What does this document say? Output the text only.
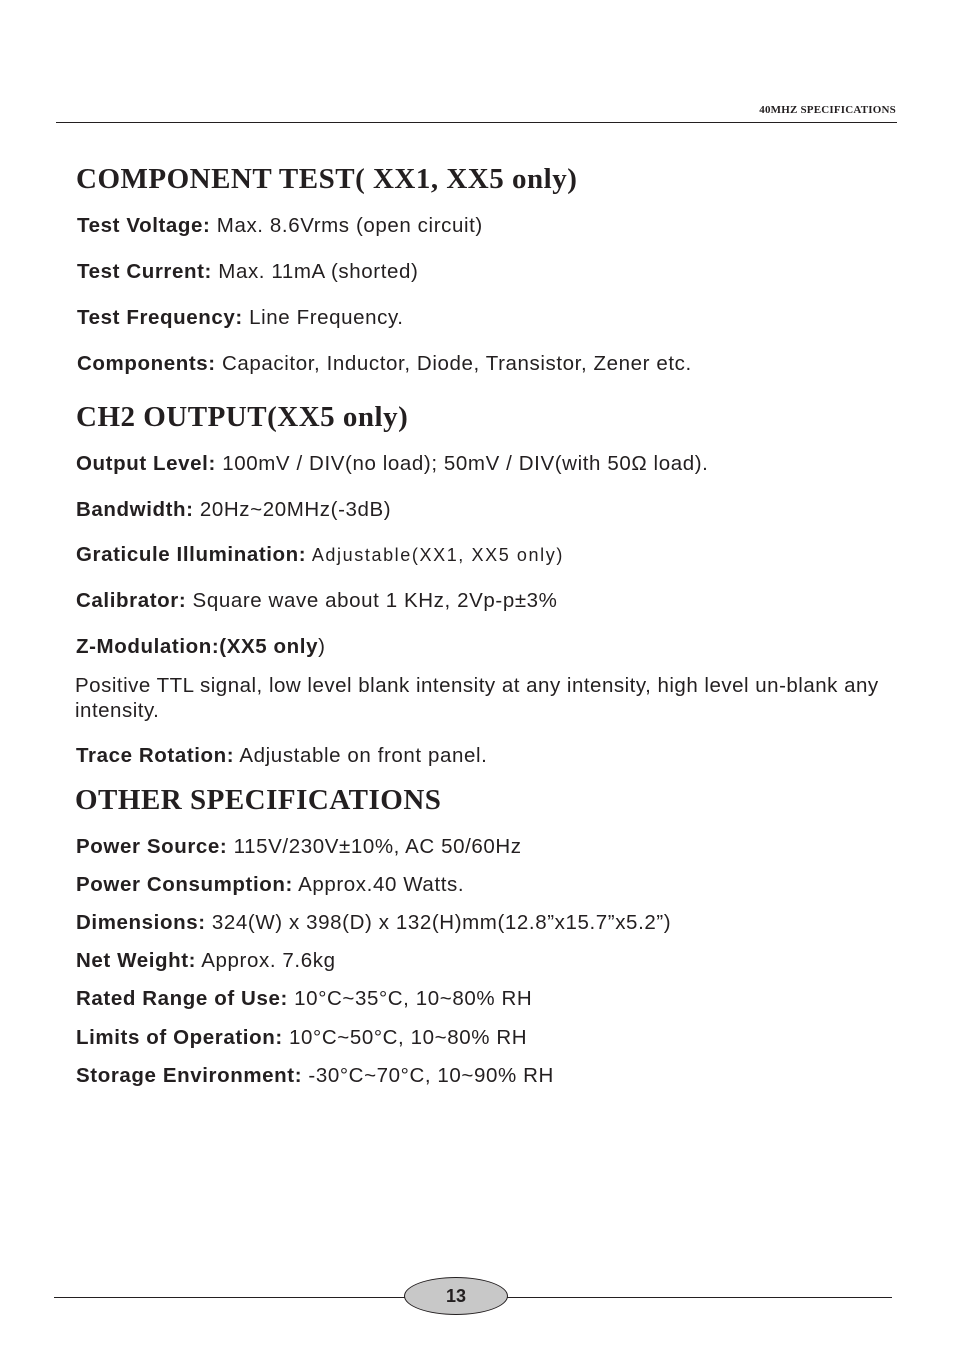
40MHZ SPECIFICATIONS
COMPONENT TEST( XX1, XX5 only)
Test Voltage: Max. 8.6Vrms (open circuit)
Test Current: Max. 11mA (shorted)
Test Frequency: Line Frequency.
Components: Capacitor, Inductor, Diode, Transistor, Zener etc.
CH2 OUTPUT(XX5 only)
Output Level: 100mV / DIV(no load); 50mV / DIV(with 50Ω load).
Bandwidth: 20Hz~20MHz(-3dB)
Graticule Illumination: Adjustable(XX1, XX5 only)
Calibrator: Square wave about 1 KHz, 2Vp-p±3%
Z-Modulation:(XX5 only)
Positive TTL signal, low level blank intensity at any intensity, high level un-blank any intensity.
Trace Rotation: Adjustable on front panel.
OTHER SPECIFICATIONS
Power Source: 115V/230V±10%, AC 50/60Hz
Power Consumption: Approx.40 Watts.
Dimensions: 324(W) x 398(D) x 132(H)mm(12.8”x15.7”x5.2”)
Net Weight: Approx. 7.6kg
Rated Range of Use: 10°C~35°C, 10~80% RH
Limits of Operation: 10°C~50°C, 10~80% RH
Storage Environment: -30°C~70°C, 10~90% RH
13
